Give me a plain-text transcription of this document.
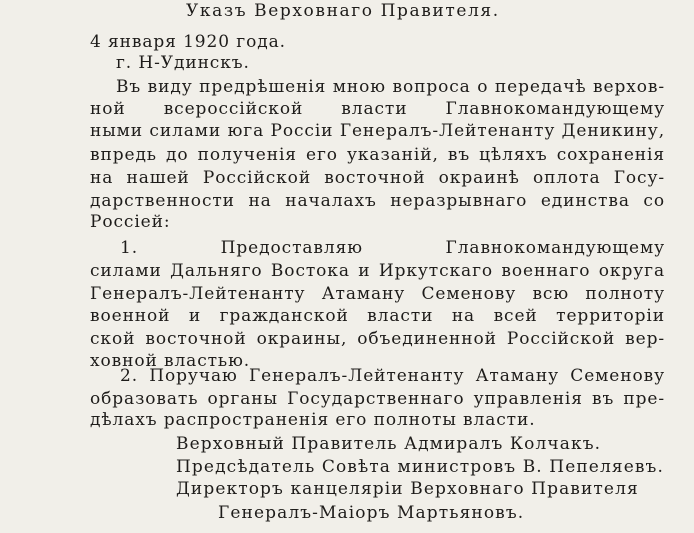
Указъ Верховнаго Правителя.
4 января 1920 года.
г. Н-Удинскъ.
Въ виду предрѣшенія мною вопроса о передачѣ верхов-
ной всероссійской власти Главнокомандующему
ными силами юга Россіи Генералъ-Лейтенанту Деникину,
впредь до полученія его указаній, въ цѣляхъ сохраненія
на нашей Россійской восточной окраинѣ оплота Госу-
дарственности на началахъ неразрывнаго единства со
Россіей:
1. Предоставляю Главнокомандующему
силами Дальняго Востока и Иркутскаго военнаго округа
Генералъ-Лейтенанту Атаману Семенову всю полноту
военной и гражданской власти на всей территоріи
ской восточной окраины, объединенной Россійской вер-
ховной властью.
2. Поручаю Генералъ-Лейтенанту Атаману Семенову
образовать органы Государственнаго управленія въ пре-
дѣлахъ распространенія его полноты власти.
Верховный Правитель Адмиралъ Колчакъ.
Предсѣдатель Совѣта министровъ В. Пепеляевъ.
Директоръ канцеляріи Верховнаго Правителя
Генералъ-Маіоръ Мартьяновъ.
